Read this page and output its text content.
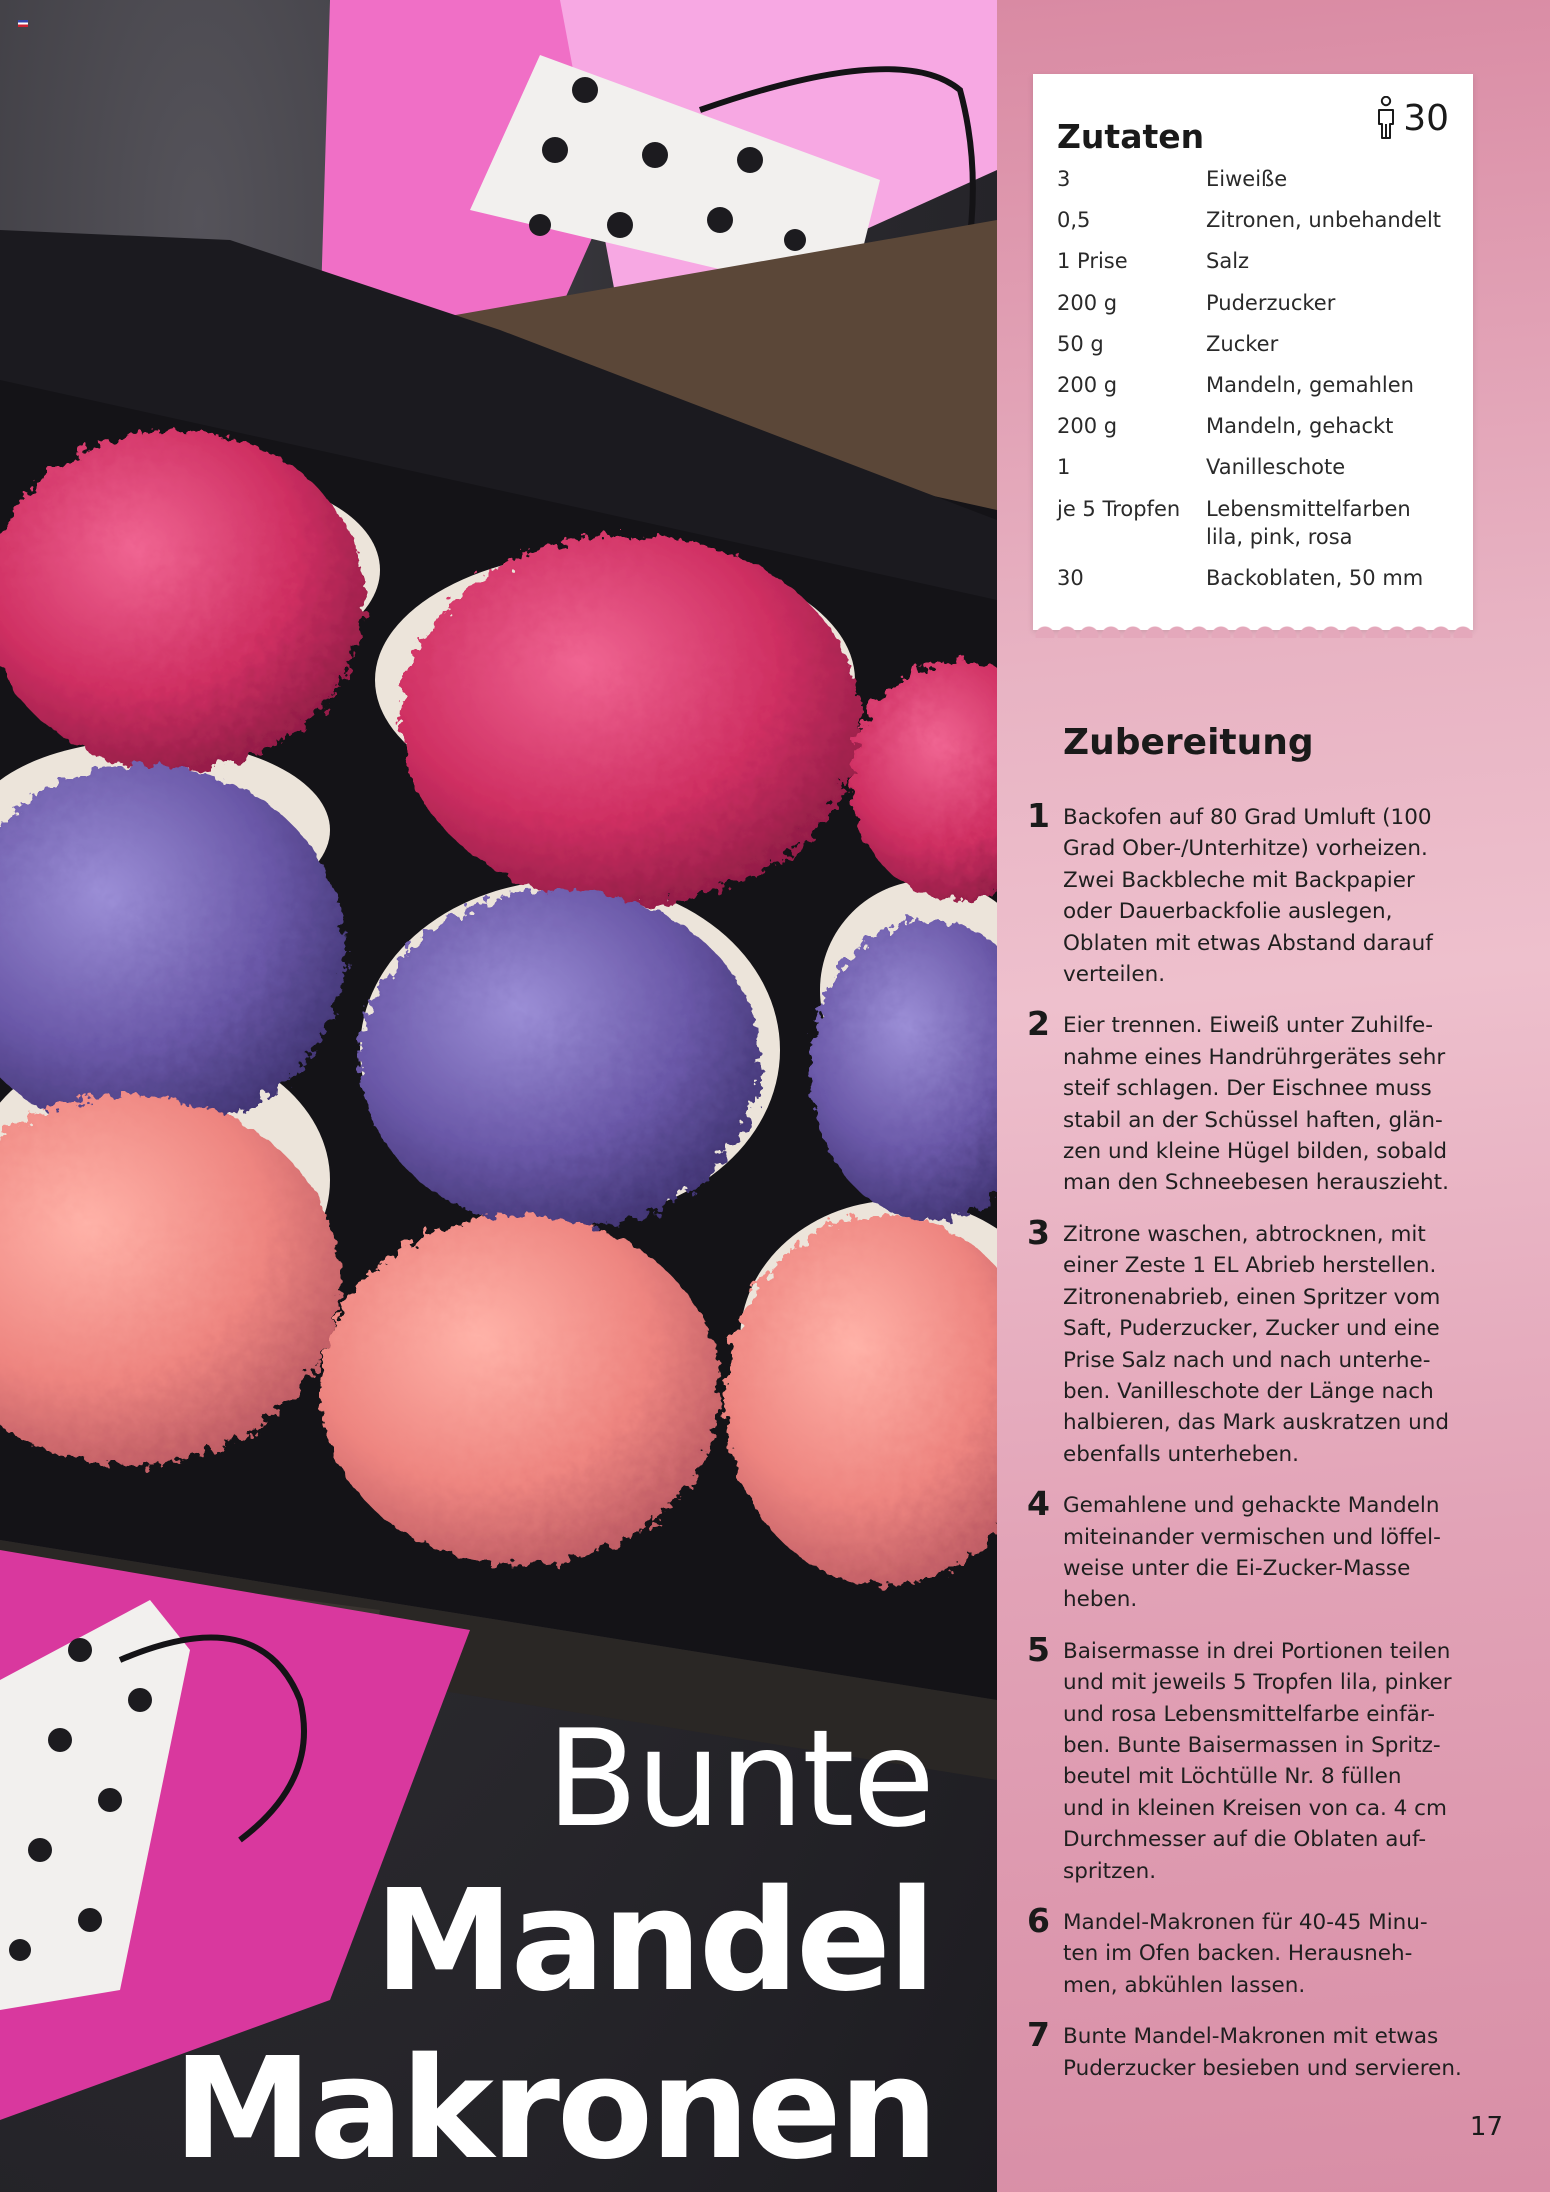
Bunte
Mandel
Makronen
30
Zutaten
3	Eiweiße
0,5	Zitronen, unbehandelt
1 Prise	Salz
200 g	Puderzucker
50 g	Zucker
200 g	Mandeln, gemahlen
200 g	Mandeln, gehackt
1	Vanilleschote
je 5 Tropfen	Lebensmittelfarben
lila, pink, rosa
30	Backoblaten, 50 mm
Zubereitung
1 Backofen auf 80 Grad Umluft (100
Grad Ober-/Unterhitze) vorheizen.
Zwei Backbleche mit Backpapier
oder Dauerbackfolie auslegen,
Oblaten mit etwas Abstand darauf
verteilen.
2 Eier trennen. Eiweiß unter Zuhilfe-
nahme eines Handrührgerätes sehr
steif schlagen. Der Eischnee muss
stabil an der Schüssel haften, glän-
zen und kleine Hügel bilden, sobald
man den Schneebesen herauszieht.
3 Zitrone waschen, abtrocknen, mit
einer Zeste 1 EL Abrieb herstellen.
Zitronenabrieb, einen Spritzer vom
Saft, Puderzucker, Zucker und eine
Prise Salz nach und nach unterhe-
ben. Vanilleschote der Länge nach
halbieren, das Mark auskratzen und
ebenfalls unterheben.
4 Gemahlene und gehackte Mandeln
miteinander vermischen und löffel-
weise unter die Ei-Zucker-Masse
heben.
5 Baisermasse in drei Portionen teilen
und mit jeweils 5 Tropfen lila, pinker
und rosa Lebensmittelfarbe einfär-
ben. Bunte Baisermassen in Spritz-
beutel mit Löchtülle Nr. 8 füllen
und in kleinen Kreisen von ca. 4 cm
Durchmesser auf die Oblaten auf-
spritzen.
6 Mandel-Makronen für 40-45 Minu-
ten im Ofen backen. Herausneh-
men, abkühlen lassen.
7 Bunte Mandel-Makronen mit etwas
Puderzucker besieben und servieren.
17
